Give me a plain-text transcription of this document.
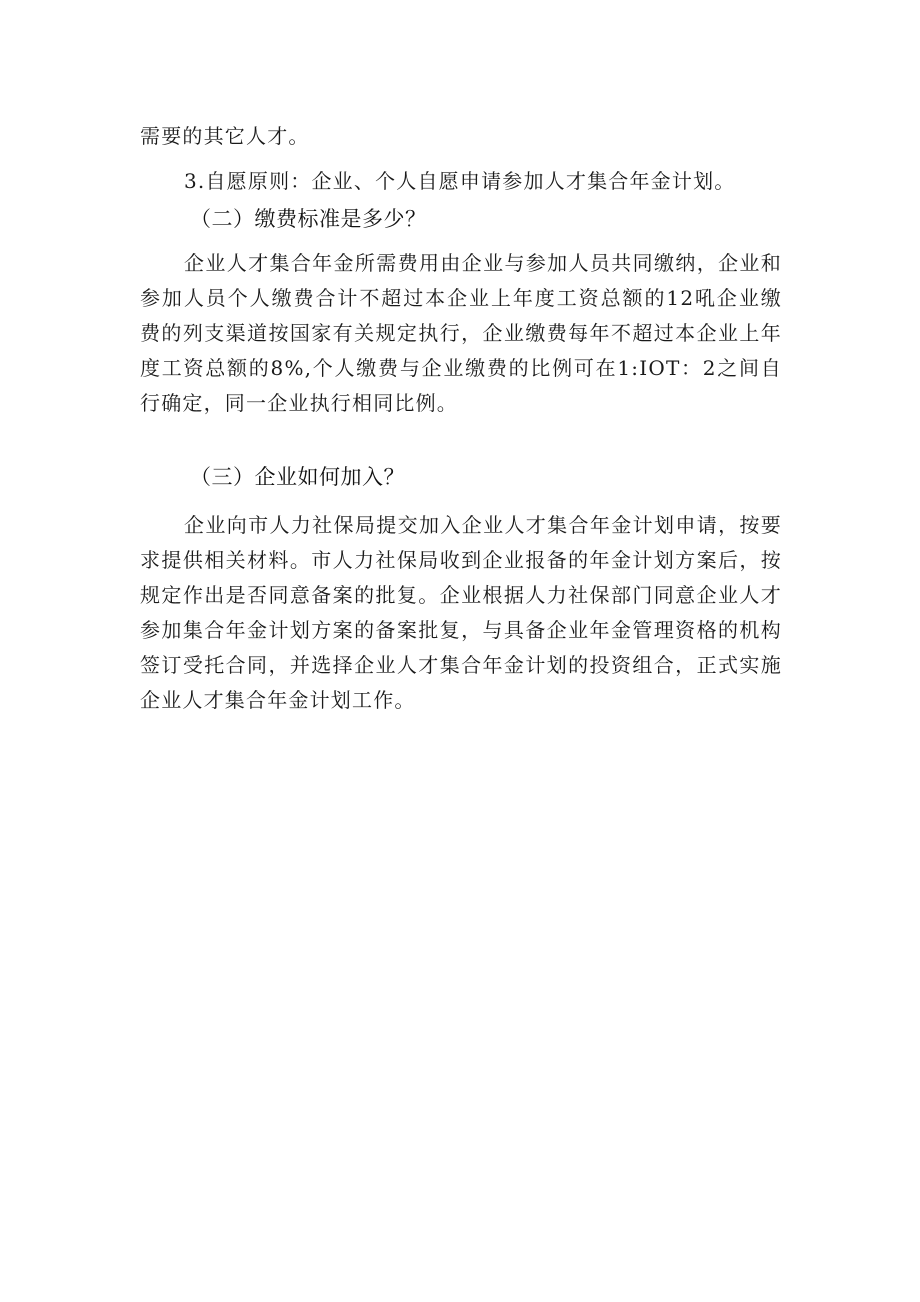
需要的其它人才。

3.自愿原则：企业、个人自愿申请参加人才集合年金计划。

（二）缴费标准是多少？

企业人才集合年金所需费用由企业与参加人员共同缴纳，企业和参加人员个人缴费合计不超过本企业上年度工资总额的12吼企业缴费的列支渠道按国家有关规定执行，企业缴费每年不超过本企业上年度工资总额的8%,个人缴费与企业缴费的比例可在1:IOT：2之间自行确定，同一企业执行相同比例。

（三）企业如何加入？

企业向市人力社保局提交加入企业人才集合年金计划申请，按要求提供相关材料。市人力社保局收到企业报备的年金计划方案后，按规定作出是否同意备案的批复。企业根据人力社保部门同意企业人才参加集合年金计划方案的备案批复，与具备企业年金管理资格的机构签订受托合同，并选择企业人才集合年金计划的投资组合，正式实施企业人才集合年金计划工作。
